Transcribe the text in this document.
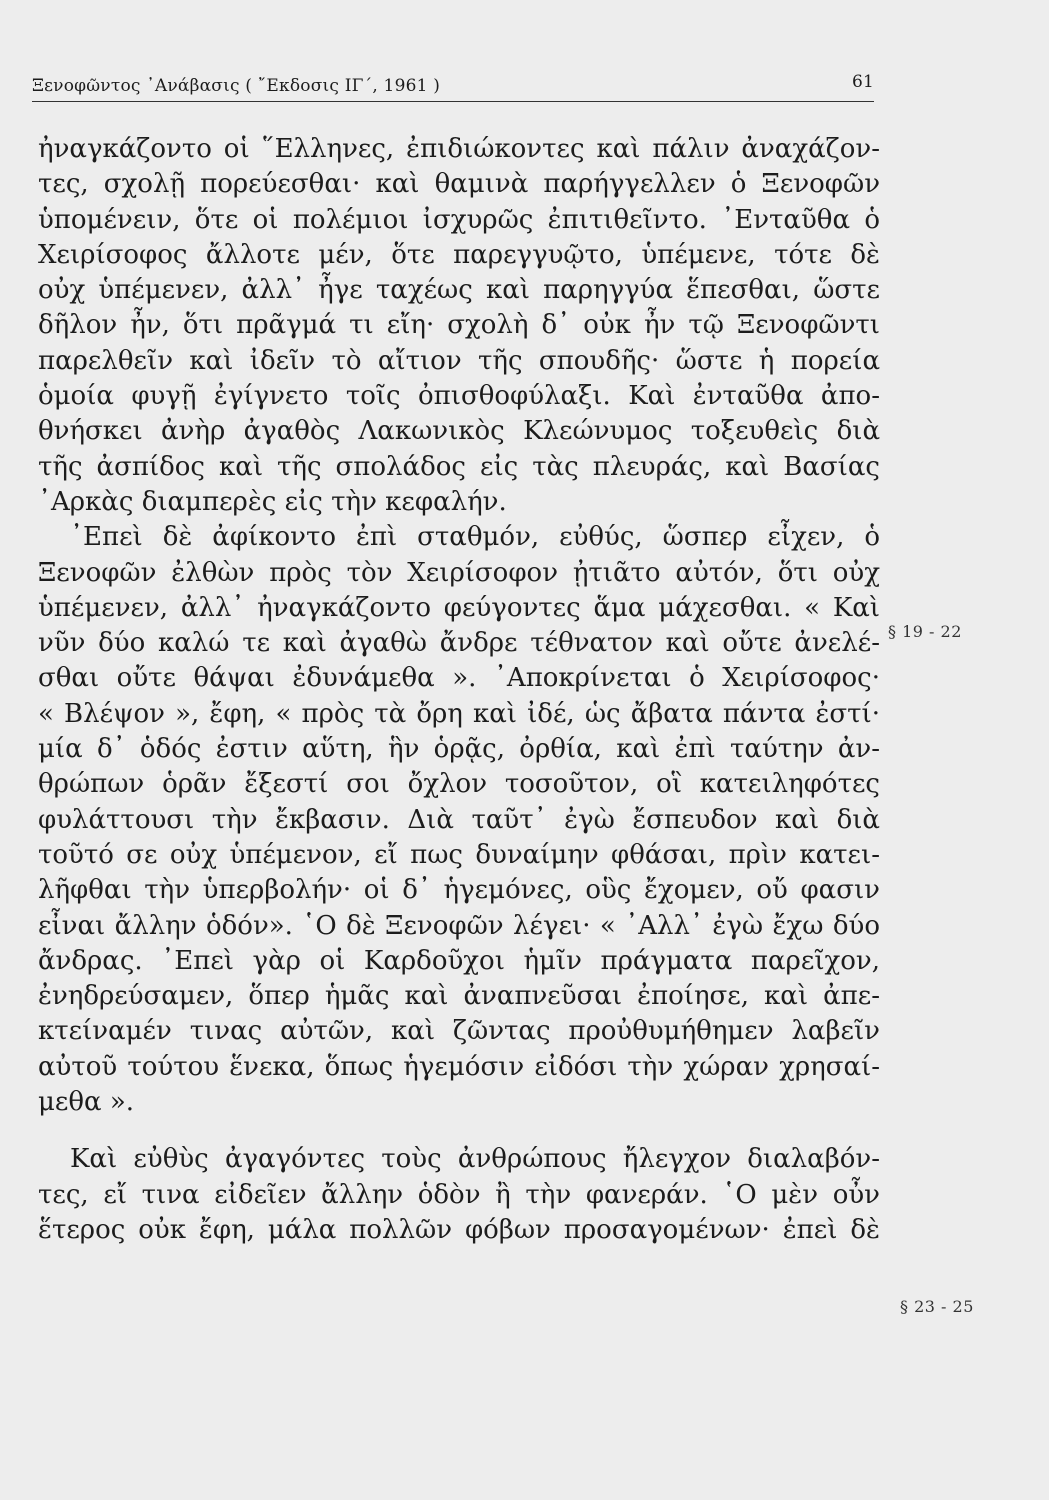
Ξενοφῶντος ᾿Ανάβασις ( ῎Εκδοσις ΙΓ΄, 1961 )	61
ἠναγκάζοντο οἱ ῞Ελληνες, ἐπιδιώκοντες καὶ πάλιν ἀναχάζον-
τες, σχολῇ πορεύεσθαι· καὶ θαμινὰ παρήγγελλεν ὁ Ξενοφῶν
ὑπομένειν, ὅτε οἱ πολέμιοι ἰσχυρῶς ἐπιτιθεῖντο. ᾿Ενταῦθα ὁ
Χειρίσοφος ἄλλοτε μέν, ὅτε παρεγγυῷτο, ὑπέμενε, τότε δὲ
οὐχ ὑπέμενεν, ἀλλ᾿ ἦγε ταχέως καὶ παρηγγύα ἕπεσθαι, ὥστε
δῆλον ἦν, ὅτι πρᾶγμά τι εἴη· σχολὴ δ᾿ οὐκ ἦν τῷ Ξενοφῶντι
παρελθεῖν καὶ ἰδεῖν τὸ αἴτιον τῆς σπουδῆς· ὥστε ἡ πορεία
ὁμοία φυγῇ ἐγίγνετο τοῖς ὀπισθοφύλαξι. Καὶ ἐνταῦθα ἀπο-
θνήσκει ἀνὴρ ἀγαθὸς Λακωνικὸς Κλεώνυμος τοξευθεὶς διὰ
τῆς ἀσπίδος καὶ τῆς σπολάδος εἰς τὰς πλευράς, καὶ Βασίας
᾿Αρκὰς διαμπερὲς εἰς τὴν κεφαλήν.
᾿Επεὶ δὲ ἀφίκοντο ἐπὶ σταθμόν, εὐθύς, ὥσπερ εἶχεν, ὁ
Ξενοφῶν ἐλθὼν πρὸς τὸν Χειρίσοφον ᾐτιᾶτο αὐτόν, ὅτι οὐχ
ὑπέμενεν, ἀλλ᾿ ἠναγκάζοντο φεύγοντες ἅμα μάχεσθαι. « Καὶ
νῦν δύο καλώ τε καὶ ἀγαθὼ ἄνδρε τέθνατον καὶ οὔτε ἀνελέ-
σθαι οὔτε θάψαι ἐδυνάμεθα ». ᾿Αποκρίνεται ὁ Χειρίσοφος·
« Βλέψον », ἔφη, « πρὸς τὰ ὄρη καὶ ἰδέ, ὡς ἄβατα πάντα ἐστί·
μία δ᾿ ὁδός ἐστιν αὕτη, ἣν ὁρᾷς, ὀρθία, καὶ ἐπὶ ταύτην ἀν-
θρώπων ὁρᾶν ἔξεστί σοι ὄχλον τοσοῦτον, οἳ κατειληφότες
φυλάττουσι τὴν ἔκβασιν. Διὰ ταῦτ᾿ ἐγὼ ἔσπευδον καὶ διὰ
τοῦτό σε οὐχ ὑπέμενον, εἴ πως δυναίμην φθάσαι, πρὶν κατει-
λῆφθαι τὴν ὑπερβολήν· οἱ δ᾿ ἡγεμόνες, οὓς ἔχομεν, οὔ φασιν
εἶναι ἄλλην ὁδόν». ῾Ο δὲ Ξενοφῶν λέγει· « ᾿Αλλ᾿ ἐγὼ ἔχω δύο
ἄνδρας. ᾿Επεὶ γὰρ οἱ Καρδοῦχοι ἡμῖν πράγματα παρεῖχον,
ἐνηδρεύσαμεν, ὅπερ ἡμᾶς καὶ ἀναπνεῦσαι ἐποίησε, καὶ ἀπε-
κτείναμέν τινας αὐτῶν, καὶ ζῶντας προὐθυμήθημεν λαβεῖν
αὐτοῦ τούτου ἕνεκα, ὅπως ἡγεμόσιν εἰδόσι τὴν χώραν χρησαί-
μεθα ».
Καὶ εὐθὺς ἀγαγόντες τοὺς ἀνθρώπους ἤλεγχον διαλαβόν-
τες, εἴ τινα εἰδεῖεν ἄλλην ὁδὸν ἢ τὴν φανεράν. ῾Ο μὲν οὖν
ἕτερος οὐκ ἔφη, μάλα πολλῶν φόβων προσαγομένων· ἐπεὶ δὲ
§ 19 - 22
§ 23 - 25
